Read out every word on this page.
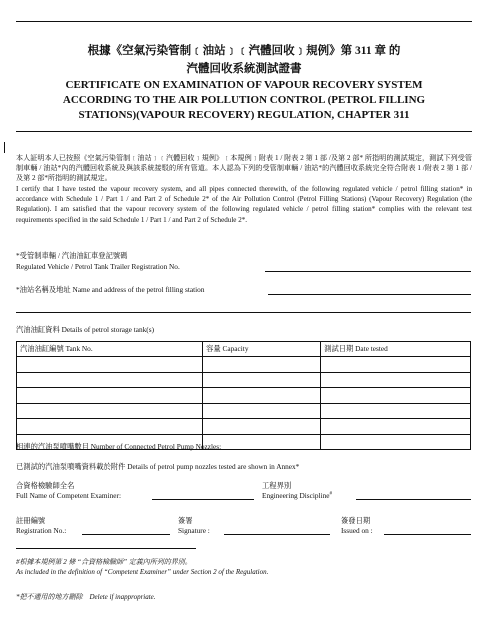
根據《空氣污染管制﹝油站﹞﹝汽體回收﹞規例》第 311 章 的
汽體回收系統測試證書
CERTIFICATE ON EXAMINATION OF VAPOUR RECOVERY SYSTEM
ACCORDING TO THE AIR POLLUTION CONTROL (PETROL FILLING
STATIONS)(VAPOUR RECOVERY) REGULATION, CHAPTER 311
本人証明本人已按照《空氣污染管制﹝油站﹞﹝汽體回收﹞規例》﹝本規例﹞附表 1 / 附表 2 第 1 部 /及第 2 部* 所指明的測試規定，測試下列受管制車輛 / 油站*內的汽體回收系統及與該系統接駁的所有管道。本人認為下列的受管制車輛 / 油站*的汽體回收系統完全符合附表 1 /附表 2 第 1 部 /及第 2 部*所指明的測試規定。
I certify that I have tested the vapour recovery system, and all pipes connected therewith, of the following regulated vehicle / petrol filling station* in accordance with Schedule 1 / Part 1 / and Part 2 of Schedule 2* of the Air Pollution Control (Petrol Filling Stations) (Vapour Recovery) Regulation (the Regulation). I am satisfied that the vapour recovery system of the following regulated vehicle / petrol filling station* complies with the relevant test requirements specified in the said Schedule 1 / Part 1 / and Part 2 of Schedule 2*.
*受管制車輛 / 汽油油缸車登記號碼
Regulated Vehicle / Petrol Tank Trailer Registration No.
*油站名稱及地址 Name and address of the petrol filling station
汽油油缸資料 Details of petrol storage tank(s)
汽油油缸編號 Tank No.	容量 Capacity	測試日期 Date tested

相連的汽油泵噴嘴數目 Number of Connected Petrol Pump Nozzles:
已測試的汽油泵噴嘴資料載於附件 Details of petrol pump nozzles tested are shown in Annex*
合資格檢驗師全名
Full Name of Competent Examiner:
工程界別
Engineering Discipline#
註冊編號
Registration No.:
簽署
Signature :
簽發日期
Issued on :
#根據本規例第 2 條 “合資格檢驗師” 定義內所列的界別。
As included in the definition of “Competent Examiner” under Section 2 of the Regulation.
*把不適用的地方刪除 Delete if inappropriate.
